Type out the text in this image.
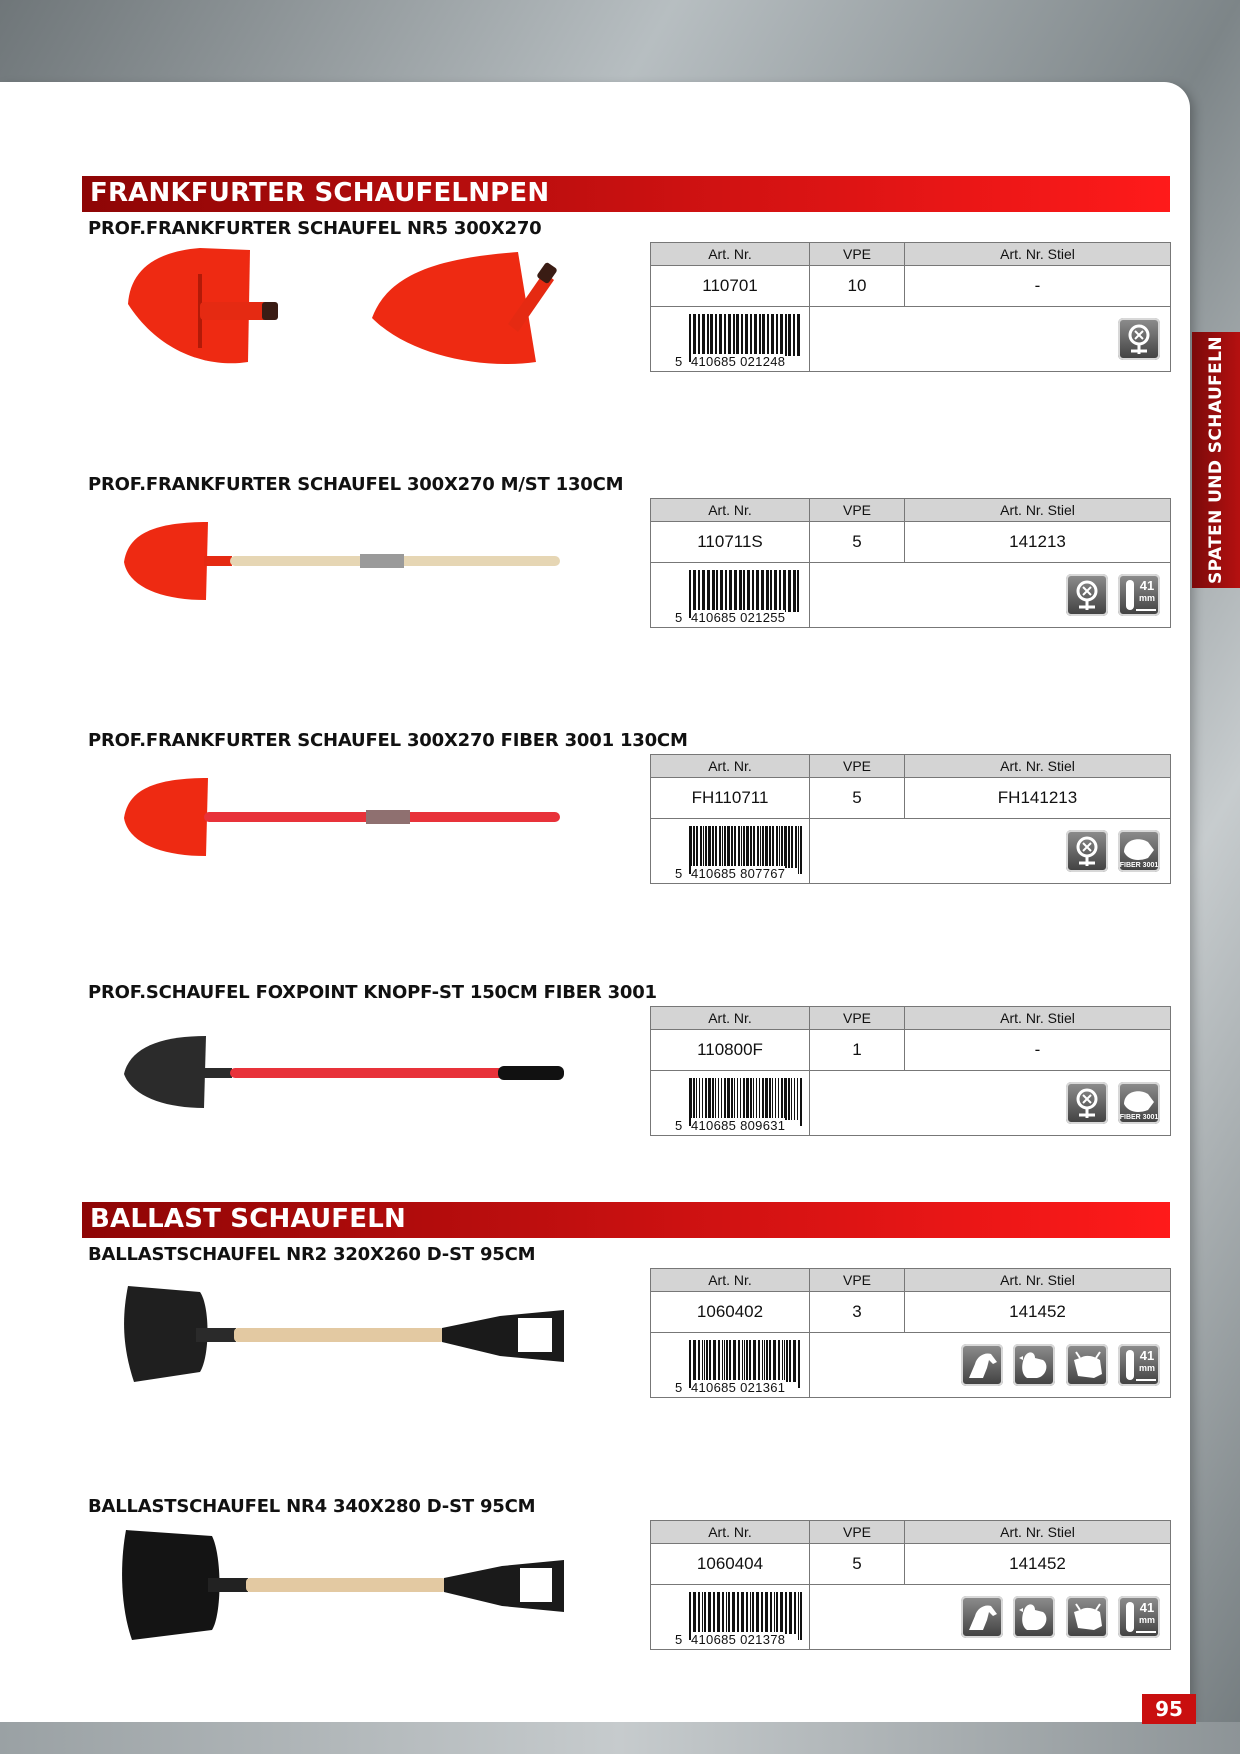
SPATEN UND SCHAUFELN
95
FRANKFURTER SCHAUFELNPEN
BALLAST SCHAUFELN
PROF.FRANKFURTER SCHAUFEL NR5 300X270
PROF.FRANKFURTER SCHAUFEL 300X270 M/ST 130CM
PROF.FRANKFURTER SCHAUFEL 300X270 FIBER 3001 130CM
PROF.SCHAUFEL FOXPOINT KNOPF-ST 150CM FIBER 3001
BALLASTSCHAUFEL NR2 320X260 D-ST 95CM
BALLASTSCHAUFEL NR4 340X280 D-ST 95CM
Art. Nr.	VPE	Art. Nr. Stiel
110701	10	-

5 410685 021248

Art. Nr.	VPE	Art. Nr. Stiel
110711S	5	141213

5 410685 021255	41
mm	
Art. Nr.	VPE	Art. Nr. Stiel
FH110711	5	FH141213

5 410685 807767	FIBER 3001	
Art. Nr.	VPE	Art. Nr. Stiel
110800F	1	-

5 410685 809631	FIBER 3001	
Art. Nr.	VPE	Art. Nr. Stiel
1060402	3	141452

5 410685 021361	41
mm	
Art. Nr.	VPE	Art. Nr. Stiel
1060404	5	141452

5 410685 021378	41
mm	
